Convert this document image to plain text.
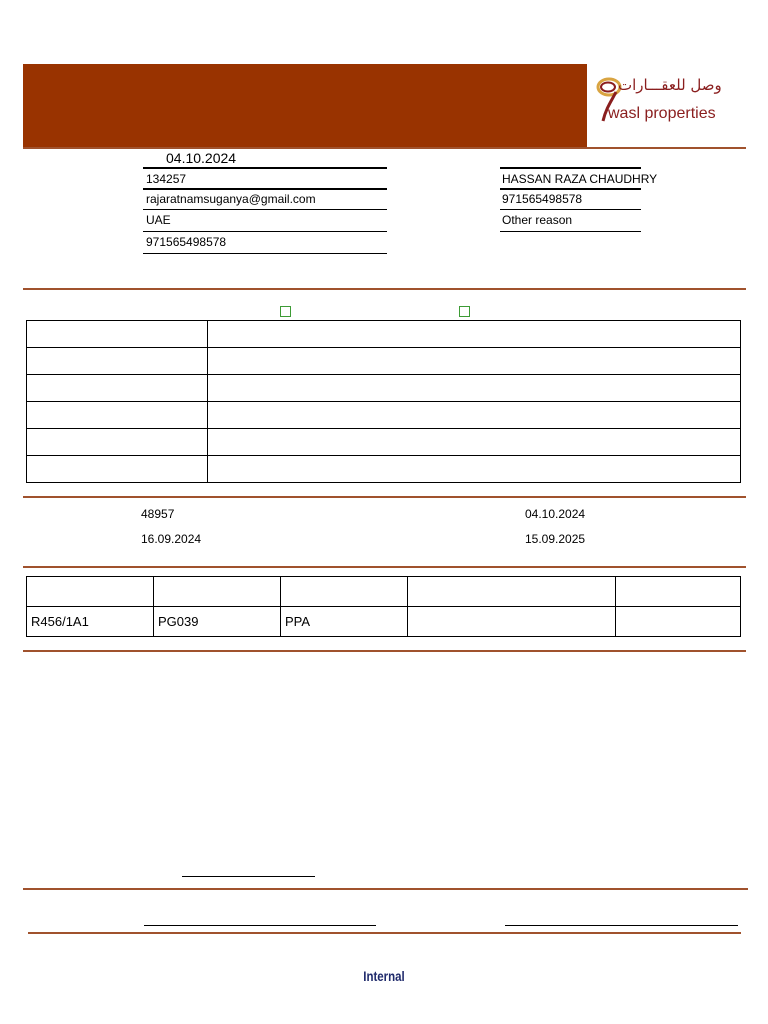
وصل للعقـــارات
wasl properties
04.10.2024
134257
rajaratnamsuganya@gmail.com
UAE
971565498578
HASSAN RAZA CHAUDHRY
971565498578
Other reason

48957	04.10.2024
16.09.2024	15.09.2025

R456/1A1	PG039	PPA		
Internal
